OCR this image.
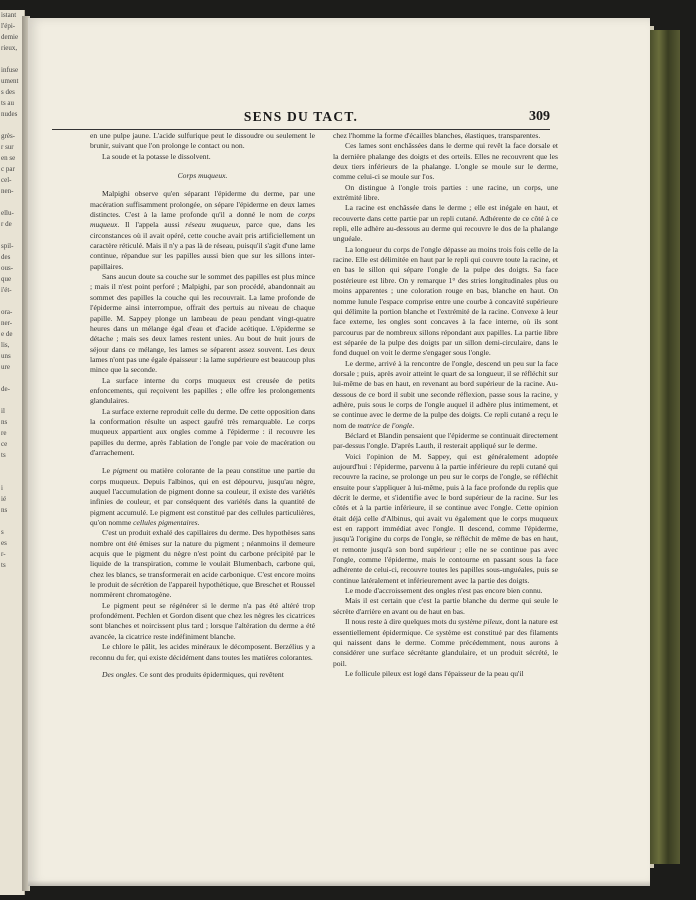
istant
l'épi-
demie
rieux,

infuse
ument
s des
ts au
nudes

grès-
r sur
en se
c par
cel-
nen-

ellu-
r de

spil-
des
ous-
que
i'ét-

ora-
ner-
e de
lis,
uns
ure

de-

il
ns
re
ce
ts

i
ié
ns

s
es
r-
ts
SENS DU TACT.	309

en une pulpe jaune. L'acide sulfurique peut le dissoudre ou seulement le brunir, suivant que l'on prolonge le contact ou non.

La soude et la potasse le dissolvent.

Corps muqueux.

Malpighi observe qu'en séparant l'épiderme du derme, par une macération suffisamment prolongée, on sépare l'épiderme en deux lames distinctes. C'est à la lame profonde qu'il a donné le nom de corps muqueux. Il l'appela aussi réseau muqueux, parce que, dans les circonstances où il avait opéré, cette couche avait pris artificiellement un caractère réticulé. Mais il n'y a pas là de réseau, puisqu'il s'agit d'une lame continue, répandue sur les papilles aussi bien que sur les sillons inter-papillaires.

Sans aucun doute sa couche sur le sommet des papilles est plus mince ; mais il n'est point perforé ; Malpighi, par son procédé, abandonnait au sommet des papilles la couche qui les recouvrait. La lame profonde de l'épiderme ainsi interrompue, offrait des pertuis au niveau de chaque papille. M. Sappey plonge un lambeau de peau pendant vingt-quatre heures dans un mélange égal d'eau et d'acide acétique. L'épiderme se détache ; mais ses deux lames restent unies. Au bout de huit jours de séjour dans ce mélange, les lames se séparent assez souvent. Les deux lames n'ont pas une égale épaisseur : la lame supérieure est beaucoup plus mince que la seconde.

La surface interne du corps muqueux est creusée de petits enfoncements, qui reçoivent les papilles ; elle offre les prolongements glandulaires.

La surface externe reproduit celle du derme. De cette opposition dans la conformation résulte un aspect gaufré très remarquable. Le corps muqueux appartient aux ongles comme à l'épiderme : il recouvre les papilles du derme, après l'ablation de l'ongle par voie de macération ou d'arrachement.

Le pigment ou matière colorante de la peau constitue une partie du corps muqueux. Depuis l'albinos, qui en est dépourvu, jusqu'au nègre, auquel l'accumulation de pigment donne sa couleur, il existe des variétés infinies de couleur, et par conséquent des variétés dans la quantité de pigment accumulé. Le pigment est constitué par des cellules particulières, qu'on nomme cellules pigmentaires.

C'est un produit exhalé des capillaires du derme. Des hypothèses sans nombre ont été émises sur la nature du pigment ; néanmoins il demeure acquis que le pigment du nègre n'est point du carbone précipité par le liquide de la transpiration, comme le voulait Blumenbach, carbone qui, chez les blancs, se transformerait en acide carbonique. C'est encore moins le produit de sécrétion de l'appareil hypothétique, que Breschet et Roussel nommèrent chromatogène.

Le pigment peut se régénérer si le derme n'a pas été altéré trop profondément. Pechlen et Gordon disent que chez les nègres les cicatrices sont blanches et noircissent plus tard ; lorsque l'altération du derme a été avancée, la cicatrice reste indéfiniment blanche.

Le chlore le pâlit, les acides minéraux le décomposent. Berzélius y a reconnu du fer, qui existe décidément dans toutes les matières colorantes.

Des ongles. Ce sont des produits épidermiques, qui revêtent

chez l'homme la forme d'écailles blanches, élastiques, transparentes.

Ces lames sont enchâssées dans le derme qui revêt la face dorsale et la dernière phalange des doigts et des orteils. Elles ne recouvrent que les deux tiers inférieurs de la phalange. L'ongle se moule sur le derme, comme celui-ci se moule sur l'os.

On distingue à l'ongle trois parties : une racine, un corps, une extrémité libre.

La racine est enchâssée dans le derme ; elle est inégale en haut, et recouverte dans cette partie par un repli cutané. Adhérente de ce côté à ce repli, elle adhère au-dessous au derme qui recouvre le dos de la phalange unguéale.

La longueur du corps de l'ongle dépasse au moins trois fois celle de la racine. Elle est délimitée en haut par le repli qui couvre toute la racine, et en bas le sillon qui sépare l'ongle de la pulpe des doigts. Sa face postérieure est libre. On y remarque 1° des stries longitudinales plus ou moins apparentes ; une coloration rouge en bas, blanche en haut. On nomme lunule l'espace comprise entre une courbe à concavité supérieure qui délimite la portion blanche et l'extrémité de la racine. Convexe à leur face externe, les ongles sont concaves à la face interne, où ils sont parcourus par de nombreux sillons répondant aux papilles. La partie libre est séparée de la pulpe des doigts par un sillon demi-circulaire, dans le fond duquel on voit le derme s'engager sous l'ongle.

Le derme, arrivé à la rencontre de l'ongle, descend un peu sur la face dorsale ; puis, après avoir atteint le quart de sa longueur, il se réfléchit sur lui-même de bas en haut, en revenant au bord supérieur de la racine. Au-dessous de ce bord il subit une seconde réflexion, passe sous la racine, y adhère, puis sous le corps de l'ongle auquel il adhère plus intimement, et se continue avec le derme de la pulpe des doigts. Ce repli cutané a reçu le nom de matrice de l'ongle.

Béclard et Blandin pensaient que l'épiderme se continuait directement par-dessus l'ongle. D'après Lauth, il resterait appliqué sur le derme.

Voici l'opinion de M. Sappey, qui est généralement adoptée aujourd'hui : l'épiderme, parvenu à la partie inférieure du repli cutané qui recouvre la racine, se prolonge un peu sur le corps de l'ongle, se réfléchit ensuite pour s'appliquer à lui-même, puis à la face profonde du replis que décrit le derme, et s'identifie avec le bord supérieur de la racine. Sur les côtés et à la partie inférieure, il se continue avec l'ongle. Cette opinion était déjà celle d'Albinus, qui avait vu également que le corps muqueux est en rapport immédiat avec l'ongle. Il descend, comme l'épiderme, jusqu'à l'origine du corps de l'ongle, se réfléchit de même de bas en haut, et remonte jusqu'à son bord supérieur ; elle ne se continue pas avec l'ongle, comme l'épiderme, mais le contourne en passant sous la face adhérente de celui-ci, recouvre toutes les papilles sous-unguéales, puis se continue latéralement et inférieurement avec la partie des doigts.

Le mode d'accroissement des ongles n'est pas encore bien connu.

Mais il est certain que c'est la partie blanche du derme qui seule le sécrète d'arrière en avant ou de haut en bas.

Il nous reste à dire quelques mots du système pileux, dont la nature est essentiellement épidermique. Ce système est constitué par des filaments qui naissent dans le derme. Comme précédemment, nous aurons à considérer une surface sécrétante glandulaire, et un produit sécrété, le poil.

Le follicule pileux est logé dans l'épaisseur de la peau qu'il
